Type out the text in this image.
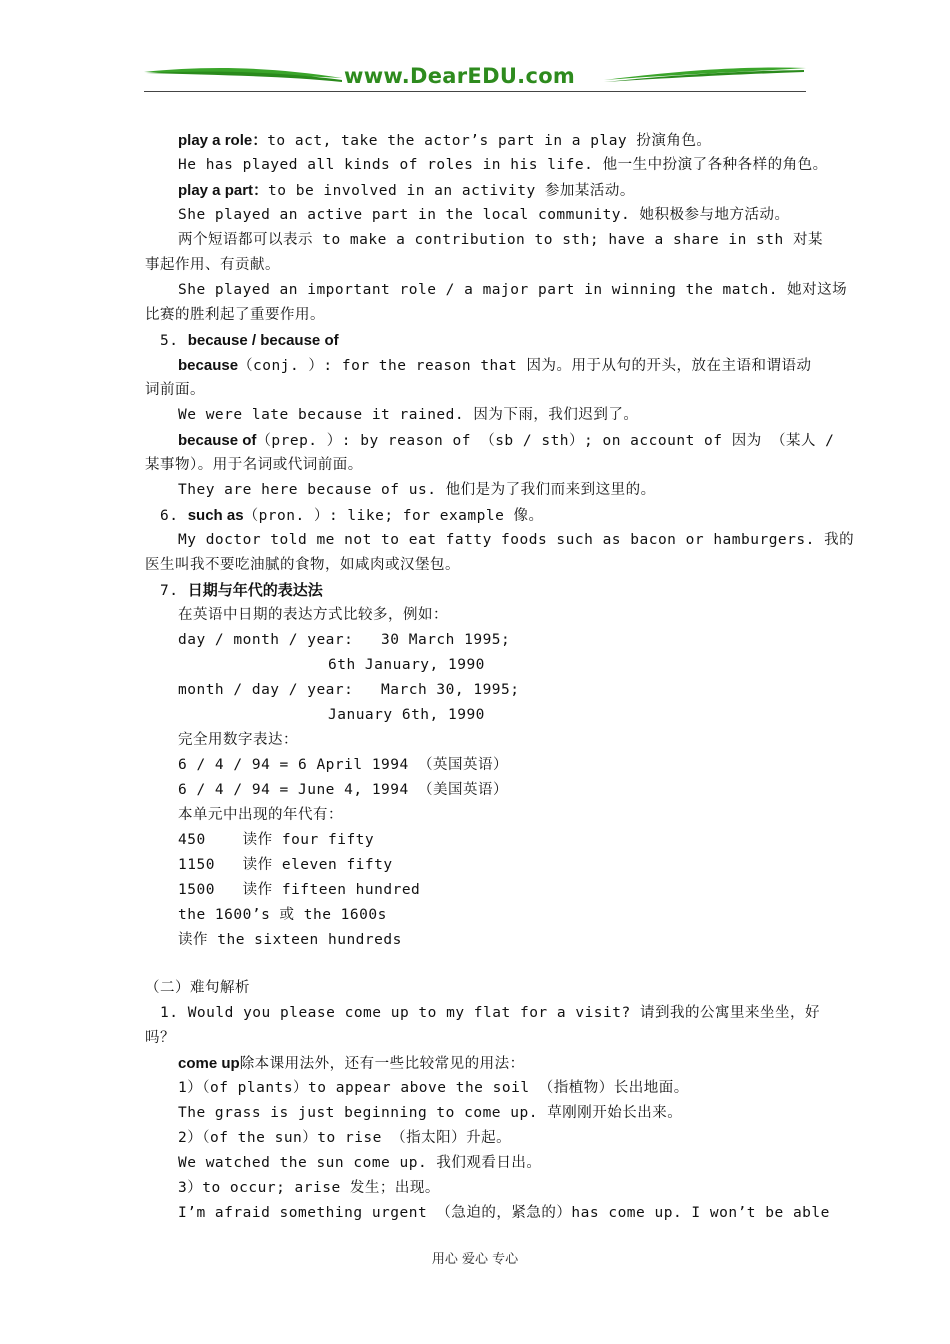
www.DearEDU.com
play a role：to act, take the actor’s part in a play 扮演角色。
He has played all kinds of roles in his life. 他一生中扮演了各种各样的角色。
play a part：to be involved in an activity 参加某活动。
She played an active part in the local community. 她积极参与地方活动。
两个短语都可以表示 to make a contribution to sth; have a share in sth 对某
事起作用、有贡献。
She played an important role / a major part in winning the match. 她对这场
比赛的胜利起了重要作用。
5. because / because of
because（conj. ）: for the reason that 因为。用于从句的开头，放在主语和谓语动
词前面。
We were late because it rained. 因为下雨，我们迟到了。
because of（prep. ）: by reason of （sb / sth）; on account of 因为 （某人 /
某事物）。用于名词或代词前面。
They are here because of us. 他们是为了我们而来到这里的。
6. such as（pron. ）: like; for example 像。
My doctor told me not to eat fatty foods such as bacon or hamburgers. 我的
医生叫我不要吃油腻的食物，如咸肉或汉堡包。
7. 日期与年代的表达法
在英语中日期的表达方式比较多，例如：
day / month / year:   30 March 1995;
6th January, 1990
month / day / year:   March 30, 1995;
January 6th, 1990
完全用数字表达：
6 / 4 / 94 = 6 April 1994 （英国英语）
6 / 4 / 94 = June 4, 1994 （美国英语）
本单元中出现的年代有：
450    读作 four fifty
1150   读作 eleven fifty
1500   读作 fifteen hundred
the 1600’s 或 the 1600s
读作 the sixteen hundreds
（二）难句解析
1. Would you please come up to my flat for a visit? 请到我的公寓里来坐坐，好
吗？
come up除本课用法外，还有一些比较常见的用法：
1）（of plants）to appear above the soil （指植物）长出地面。
The grass is just beginning to come up. 草刚刚开始长出来。
2）（of the sun）to rise （指太阳）升起。
We watched the sun come up. 我们观看日出。
3）to occur; arise 发生；出现。
I’m afraid something urgent （急迫的，紧急的）has come up. I won’t be able
用心 爱心 专心
